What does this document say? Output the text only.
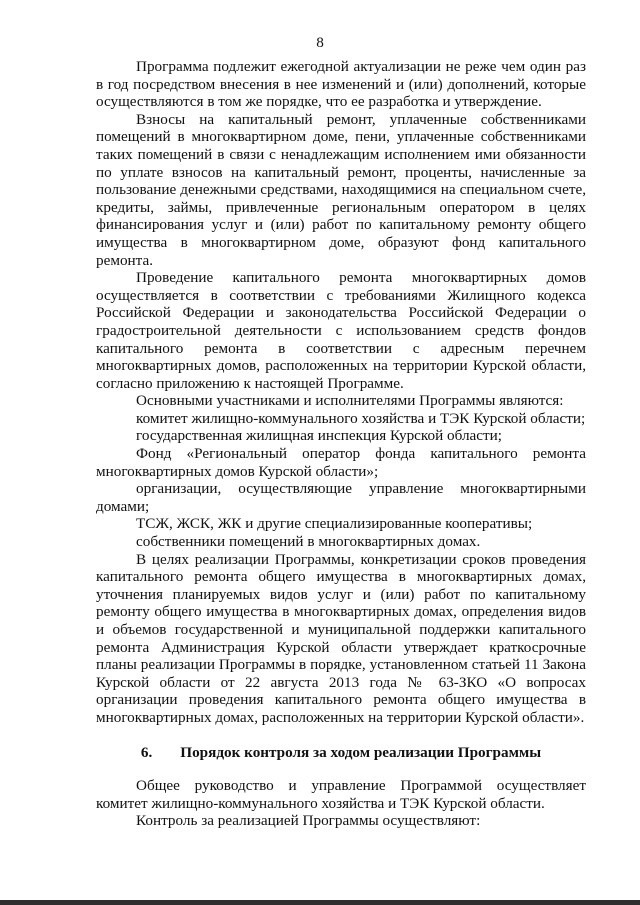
8

Программа подлежит ежегодной актуализации не реже чем один раз в год посредством внесения в нее изменений и (или) дополнений, которые осуществляются в том же порядке, что ее разработка и утверждение.

Взносы на капитальный ремонт, уплаченные собственниками помещений в многоквартирном доме, пени, уплаченные собственниками таких помещений в связи с ненадлежащим исполнением ими обязанности по уплате взносов на капитальный ремонт, проценты, начисленные за пользование денежными средствами, находящимися на специальном счете, кредиты, займы, привлеченные региональным оператором в целях финансирования услуг и (или) работ по капитальному ремонту общего имущества в многоквартирном доме, образуют фонд капитального ремонта.

Проведение капитального ремонта многоквартирных домов осуществляется в соответствии с требованиями Жилищного кодекса Российской Федерации и законодательства Российской Федерации о градостроительной деятельности с использованием средств фондов капитального ремонта в соответствии с адресным перечнем многоквартирных домов, расположенных на территории Курской области, согласно приложению к настоящей Программе.

Основными участниками и исполнителями Программы являются:

комитет жилищно-коммунального хозяйства и ТЭК Курской области;

государственная жилищная инспекция Курской области;

Фонд «Региональный оператор фонда капитального ремонта многоквартирных домов Курской области»;

организации, осуществляющие управление многоквартирными домами;

ТСЖ, ЖСК, ЖК и другие специализированные кооперативы;

собственники помещений в многоквартирных домах.

В целях реализации Программы, конкретизации сроков проведения капитального ремонта общего имущества в многоквартирных домах, уточнения планируемых видов услуг и (или) работ по капитальному ремонту общего имущества в многоквартирных домах, определения видов и объемов государственной и муниципальной поддержки капитального ремонта Администрация Курской области утверждает краткосрочные планы реализации Программы в порядке, установленном статьей 11 Закона Курской области от 22 августа 2013 года № 63-ЗКО «О вопросах организации проведения капитального ремонта общего имущества в многоквартирных домах, расположенных на территории Курской области».

6. Порядок контроля за ходом реализации Программы

Общее руководство и управление Программой осуществляет комитет жилищно-коммунального хозяйства и ТЭК Курской области.

Контроль за реализацией Программы осуществляют:
